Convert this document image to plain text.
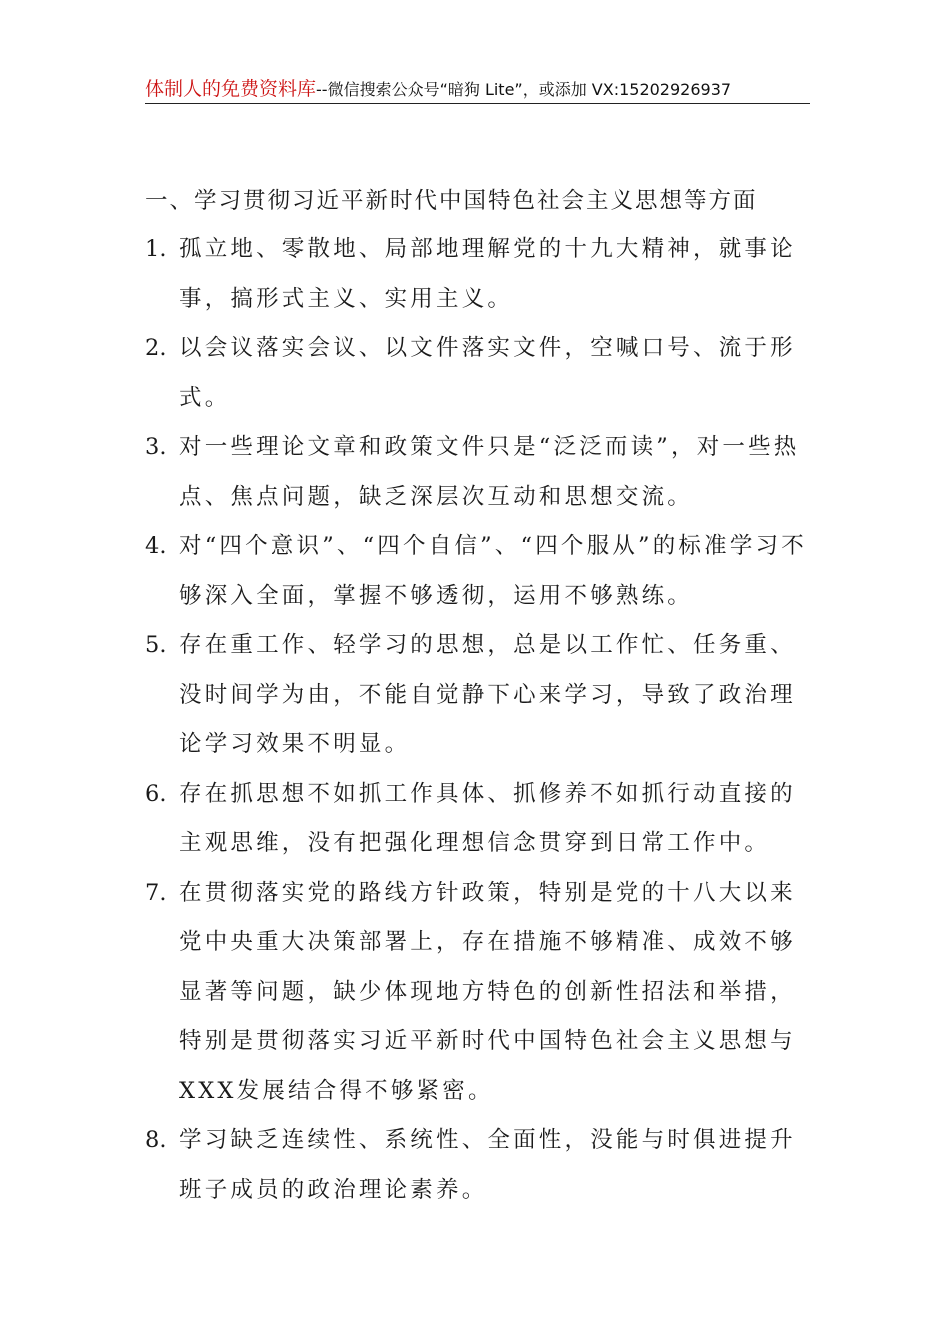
体制人的免费资料库--微信搜索公众号“暗狗 Lite”，或添加 VX:15202926937
一、学习贯彻习近平新时代中国特色社会主义思想等方面
1. 孤立地、零散地、局部地理解党的十九大精神，就事论事，搞形式主义、实用主义。
2. 以会议落实会议、以文件落实文件，空喊口号、流于形式。
3. 对一些理论文章和政策文件只是“泛泛而读”，对一些热点、焦点问题，缺乏深层次互动和思想交流。
4. 对“四个意识”、“四个自信”、“四个服从”的标准学习不够深入全面，掌握不够透彻，运用不够熟练。
5. 存在重工作、轻学习的思想，总是以工作忙、任务重、没时间学为由，不能自觉静下心来学习，导致了政治理论学习效果不明显。
6. 存在抓思想不如抓工作具体、抓修养不如抓行动直接的主观思维，没有把强化理想信念贯穿到日常工作中。
7. 在贯彻落实党的路线方针政策，特别是党的十八大以来党中央重大决策部署上，存在措施不够精准、成效不够显著等问题，缺少体现地方特色的创新性招法和举措，特别是贯彻落实习近平新时代中国特色社会主义思想与XXX发展结合得不够紧密。
8. 学习缺乏连续性、系统性、全面性，没能与时俱进提升班子成员的政治理论素养。
